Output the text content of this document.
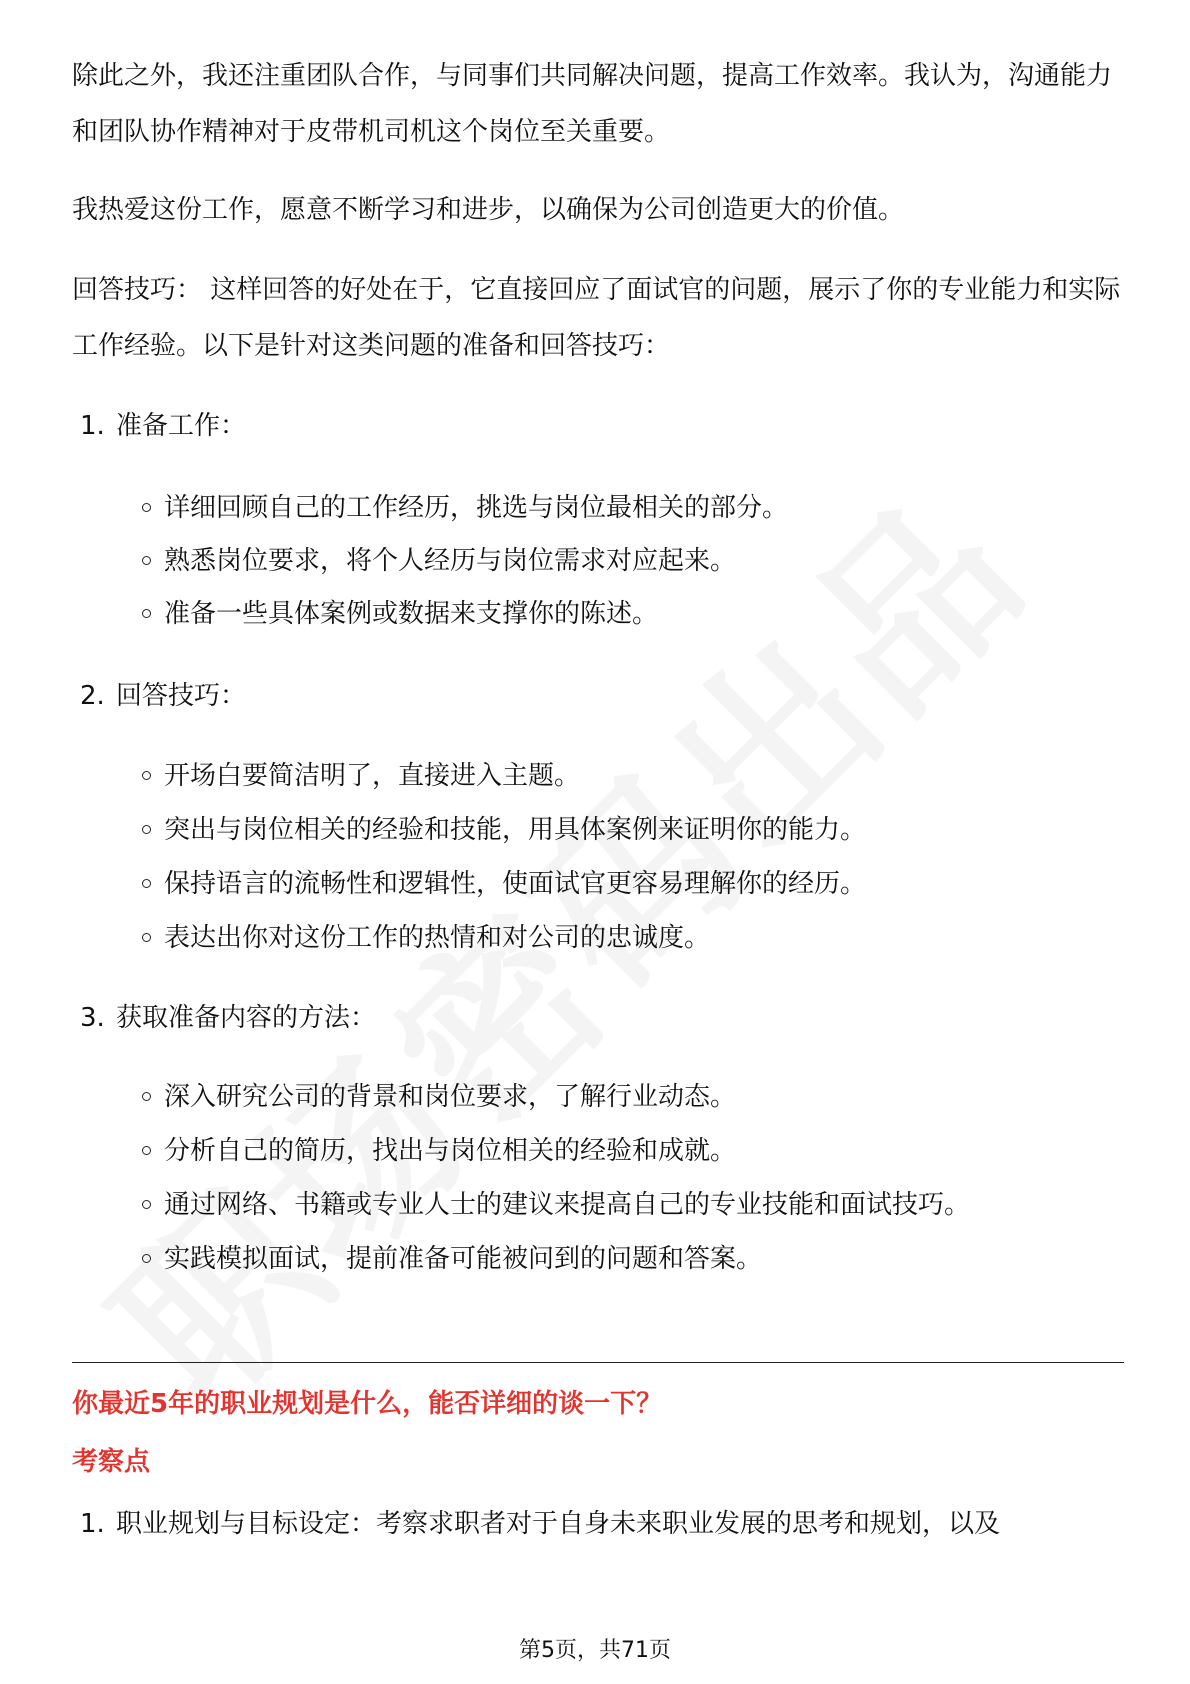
除此之外，我还注重团队合作，与同事们共同解决问题，提高工作效率。我认为，沟通能力和团队协作精神对于皮带机司机这个岗位至关重要。

我热爱这份工作，愿意不断学习和进步，以确保为公司创造更大的价值。

回答技巧： 这样回答的好处在于，它直接回应了面试官的问题，展示了你的专业能力和实际工作经验。以下是针对这类问题的准备和回答技巧：

1. 准备工作：
详细回顾自己的工作经历，挑选与岗位最相关的部分。
熟悉岗位要求，将个人经历与岗位需求对应起来。
准备一些具体案例或数据来支撑你的陈述。
2. 回答技巧：
开场白要简洁明了，直接进入主题。
突出与岗位相关的经验和技能，用具体案例来证明你的能力。
保持语言的流畅性和逻辑性，使面试官更容易理解你的经历。
表达出你对这份工作的热情和对公司的忠诚度。
3. 获取准备内容的方法：
深入研究公司的背景和岗位要求，了解行业动态。
分析自己的简历，找出与岗位相关的经验和成就。
通过网络、书籍或专业人士的建议来提高自己的专业技能和面试技巧。
实践模拟面试，提前准备可能被问到的问题和答案。
1. 职业规划与目标设定：考察求职者对于自身未来职业发展的思考和规划，以及
你最近5年的职业规划是什么，能否详细的谈一下？
考察点
第5页，共71页
